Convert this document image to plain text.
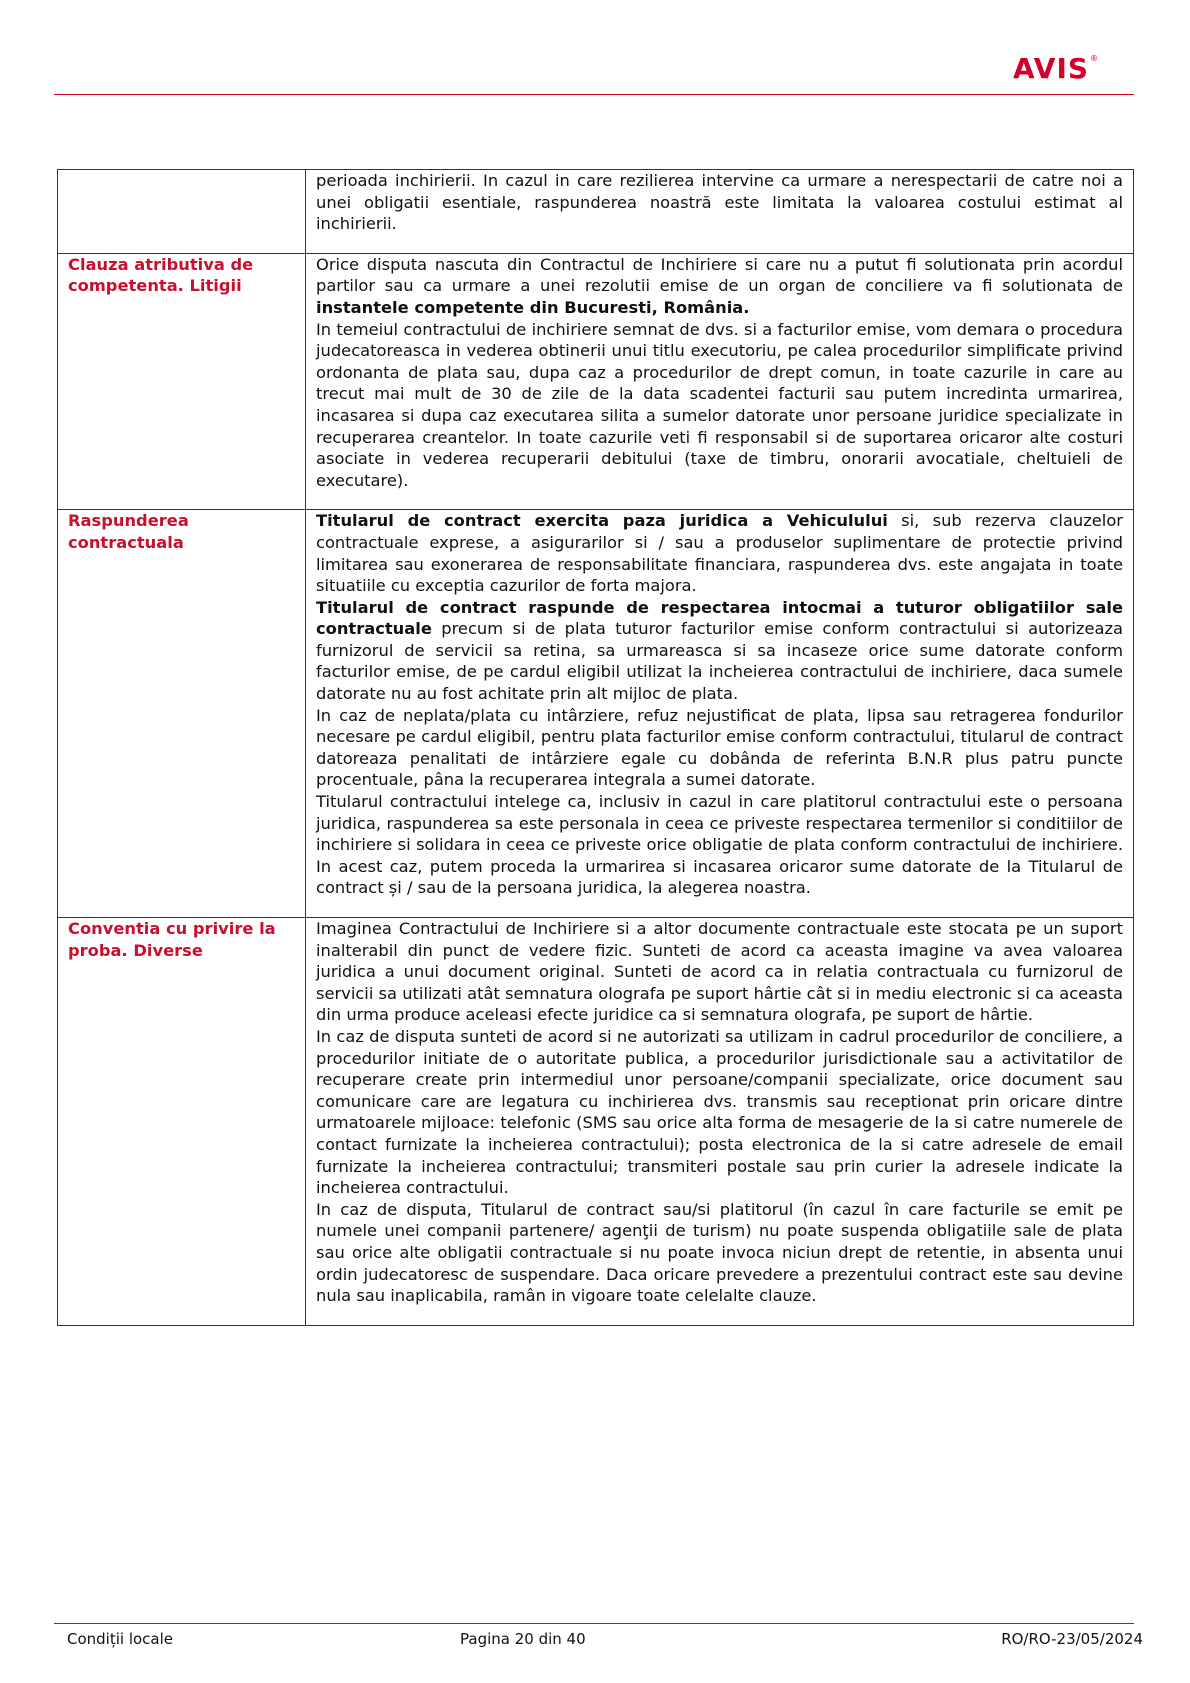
AVIS®

	perioada inchirierii. In cazul in care rezilierea intervine ca urmare a nerespectarii de catre noi a unei obligatii esentiale, raspunderea noastră este limitata la valoarea costului estimat al inchirierii.

Clauza atributiva de competenta. Litigii	Orice disputa nascuta din Contractul de Inchiriere si care nu a putut fi solutionata prin acordul partilor sau ca urmare a unei rezolutii emise de un organ de conciliere va fi solutionata de instantele competente din Bucuresti, România.

In temeiul contractului de inchiriere semnat de dvs. si a facturilor emise, vom demara o procedura judecatoreasca in vederea obtinerii unui titlu executoriu, pe calea procedurilor simplificate privind ordonanta de plata sau, dupa caz a procedurilor de drept comun, in toate cazurile in care au trecut mai mult de 30 de zile de la data scadentei facturii sau putem incredinta urmarirea, incasarea si dupa caz executarea silita a sumelor datorate unor persoane juridice specializate in recuperarea creantelor. In toate cazurile veti fi responsabil si de suportarea oricaror alte costuri asociate in vederea recuperarii debitului (taxe de timbru, onorarii avocatiale, cheltuieli de executare).

Raspunderea contractuala	Titularul de contract exercita paza juridica a Vehiculului si, sub rezerva clauzelor contractuale exprese, a asigurarilor si / sau a produselor suplimentare de protectie privind limitarea sau exonerarea de responsabilitate financiara, raspunderea dvs. este angajata in toate situatiile cu exceptia cazurilor de forta majora.

Titularul de contract raspunde de respectarea intocmai a tuturor obligatiilor sale contractuale precum si de plata tuturor facturilor emise conform contractului si autorizeaza furnizorul de servicii sa retina, sa urmareasca si sa incaseze orice sume datorate conform facturilor emise, de pe cardul eligibil utilizat la incheierea contractului de inchiriere, daca sumele datorate nu au fost achitate prin alt mijloc de plata.

In caz de neplata/plata cu intârziere, refuz nejustificat de plata, lipsa sau retragerea fondurilor necesare pe cardul eligibil, pentru plata facturilor emise conform contractului, titularul de contract datoreaza penalitati de intârziere egale cu dobânda de referinta B.N.R plus patru puncte procentuale, pâna la recuperarea integrala a sumei datorate.

Titularul contractului intelege ca, inclusiv in cazul in care platitorul contractului este o persoana juridica, raspunderea sa este personala in ceea ce priveste respectarea termenilor si conditiilor de inchiriere si solidara in ceea ce priveste orice obligatie de plata conform contractului de inchiriere. In acest caz, putem proceda la urmarirea si incasarea oricaror sume datorate de la Titularul de contract și / sau de la persoana juridica, la alegerea noastra.

Conventia cu privire la proba. Diverse	Imaginea Contractului de Inchiriere si a altor documente contractuale este stocata pe un suport inalterabil din punct de vedere fizic. Sunteti de acord ca aceasta imagine va avea valoarea juridica a unui document original. Sunteti de acord ca in relatia contractuala cu furnizorul de servicii sa utilizati atât semnatura olografa pe suport hârtie cât si in mediu electronic si ca aceasta din urma produce aceleasi efecte juridice ca si semnatura olografa, pe suport de hârtie.

In caz de disputa sunteti de acord si ne autorizati sa utilizam in cadrul procedurilor de conciliere, a procedurilor initiate de o autoritate publica, a procedurilor jurisdictionale sau a activitatilor de recuperare create prin intermediul unor persoane/companii specializate, orice document sau comunicare care are legatura cu inchirierea dvs. transmis sau receptionat prin oricare dintre urmatoarele mijloace: telefonic (SMS sau orice alta forma de mesagerie de la si catre numerele de contact furnizate la incheierea contractului); posta electronica de la si catre adresele de email furnizate la incheierea contractului; transmiteri postale sau prin curier la adresele indicate la incheierea contractului.

In caz de disputa, Titularul de contract sau/si platitorul (în cazul în care facturile se emit pe numele unei companii partenere/ agenţii de turism) nu poate suspenda obligatiile sale de plata sau orice alte obligatii contractuale si nu poate invoca niciun drept de retentie, in absenta unui ordin judecatoresc de suspendare. Daca oricare prevedere a prezentului contract este sau devine nula sau inaplicabila, ramân in vigoare toate celelalte clauze.

Condiții locale	Pagina 20 din 40	RO/RO-23/05/2024
